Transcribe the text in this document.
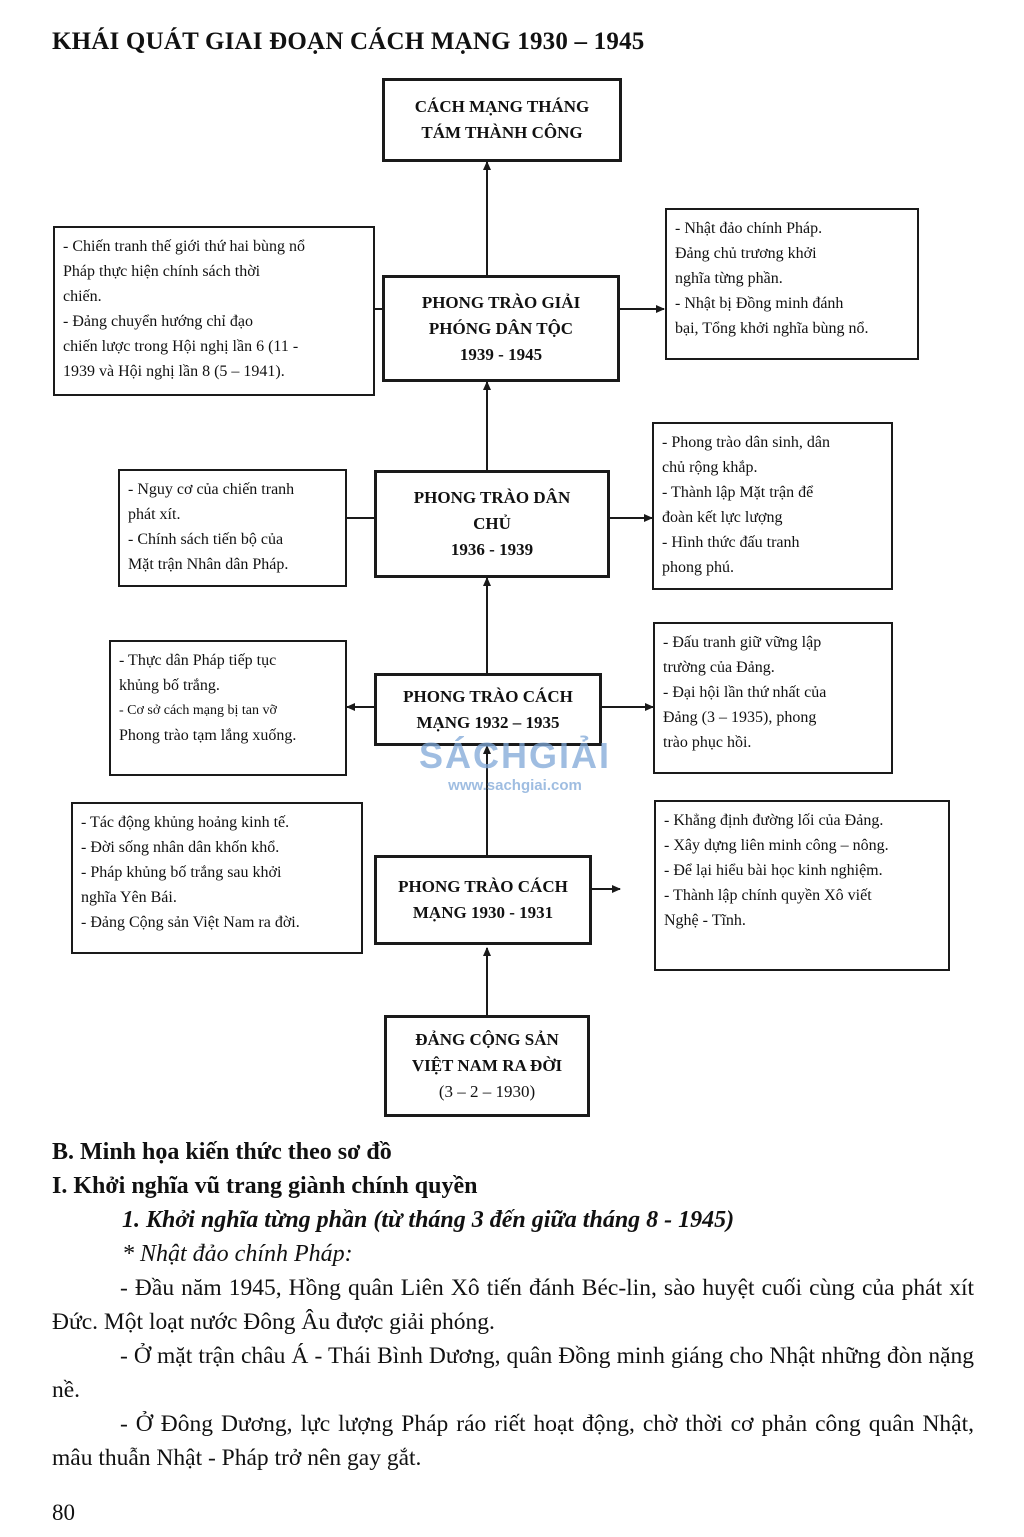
KHÁI QUÁT GIAI ĐOẠN CÁCH MẠNG 1930 – 1945
CÁCH MẠNG THÁNG
TÁM THÀNH CÔNG
- Chiến tranh thế giới thứ hai bùng nổ
Pháp thực hiện chính sách thời
chiến.
- Đảng chuyển hướng chỉ đạo
chiến lược trong Hội nghị lần 6 (11 -
1939 và Hội nghị lần 8 (5 – 1941).
PHONG TRÀO GIẢI
PHÓNG DÂN TỘC
1939 - 1945
- Nhật đảo chính Pháp.
Đảng chủ trương khởi
nghĩa từng phần.
- Nhật bị Đồng minh đánh
bại, Tổng khởi nghĩa bùng nổ.
- Nguy cơ của chiến tranh
phát xít.
- Chính sách tiến bộ của
Mặt trận Nhân dân Pháp.
PHONG TRÀO DÂN
CHỦ
1936 - 1939
- Phong trào dân sinh, dân
chủ rộng khắp.
- Thành lập Mặt trận để
đoàn kết lực lượng
- Hình thức đấu tranh
phong phú.
- Thực dân Pháp tiếp tục
khủng bố trắng.
- Cơ sở cách mạng bị tan vỡ
Phong trào tạm lắng xuống.
PHONG TRÀO CÁCH
MẠNG 1932 – 1935
- Đấu tranh giữ vững lập
trường của Đảng.
- Đại hội lần thứ nhất của
Đảng (3 – 1935), phong
trào phục hồi.
- Tác động khủng hoảng kinh tế.
- Đời sống nhân dân khốn khổ.
- Pháp khủng bố trắng sau khởi
nghĩa Yên Bái.
- Đảng Cộng sản Việt Nam ra đời.
PHONG TRÀO CÁCH
MẠNG 1930 - 1931
- Khẳng định đường lối của Đảng.
- Xây dựng liên minh công – nông.
- Để lại hiểu bài học kinh nghiệm.
- Thành lập chính quyền Xô viết
Nghệ - Tĩnh.
ĐẢNG CỘNG SẢN
VIỆT NAM RA ĐỜI
(3 – 2 – 1930)
SÁCHGIẢI
www.sachgiai.com
B. Minh họa kiến thức theo sơ đồ
I. Khởi nghĩa vũ trang giành chính quyền
1. Khởi nghĩa từng phần (từ tháng 3 đến giữa tháng 8 - 1945)
* Nhật đảo chính Pháp:

- Đầu năm 1945, Hồng quân Liên Xô tiến đánh Béc-lin, sào huyệt cuối cùng của phát xít Đức. Một loạt nước Đông Âu được giải phóng.

- Ở mặt trận châu Á - Thái Bình Dương, quân Đồng minh giáng cho Nhật những đòn nặng nề.

- Ở Đông Dương, lực lượng Pháp ráo riết hoạt động, chờ thời cơ phản công quân Nhật, mâu thuẫn Nhật - Pháp trở nên gay gắt.

80
